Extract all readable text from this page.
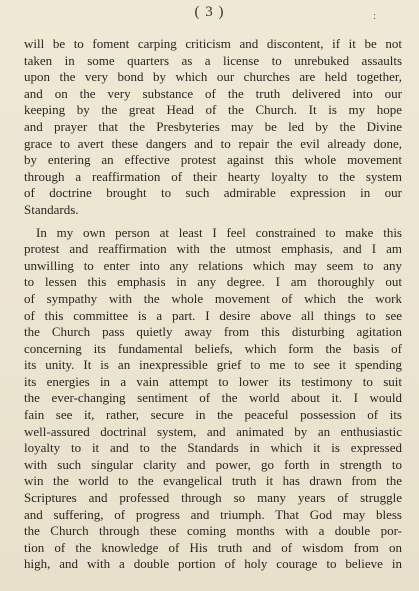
( 3 )	:
will be to foment carping criticism and discontent, if it be not
taken in some quarters as a license to unrebuked assaults
upon the very bond by which our churches are held together,
and on the very substance of the truth delivered into our
keeping by the great Head of the Church. It is my hope
and prayer that the Presbyteries may be led by the Divine
grace to avert these dangers and to repair the evil already done,
by entering an effective protest against this whole movement
through a reaffirmation of their hearty loyalty to the system
of doctrine brought to such admirable expression in our
Standards.
In my own person at least I feel constrained to make this
protest and reaffirmation with the utmost emphasis, and I am
unwilling to enter into any relations which may seem to any
to lessen this emphasis in any degree. I am thoroughly out
of sympathy with the whole movement of which the work
of this committee is a part. I desire above all things to see
the Church pass quietly away from this disturbing agitation
concerning its fundamental beliefs, which form the basis of
its unity. It is an inexpressible grief to me to see it spending
its energies in a vain attempt to lower its testimony to suit
the ever-changing sentiment of the world about it. I would
fain see it, rather, secure in the peaceful possession of its
well-assured doctrinal system, and animated by an enthusiastic
loyalty to it and to the Standards in which it is expressed
with such singular clarity and power, go forth in strength to
win the world to the evangelical truth it has drawn from the
Scriptures and professed through so many years of struggle
and suffering, of progress and triumph. That God may bless
the Church through these coming months with a double por-
tion of the knowledge of His truth and of wisdom from on
high, and with a double portion of holy courage to believe in
